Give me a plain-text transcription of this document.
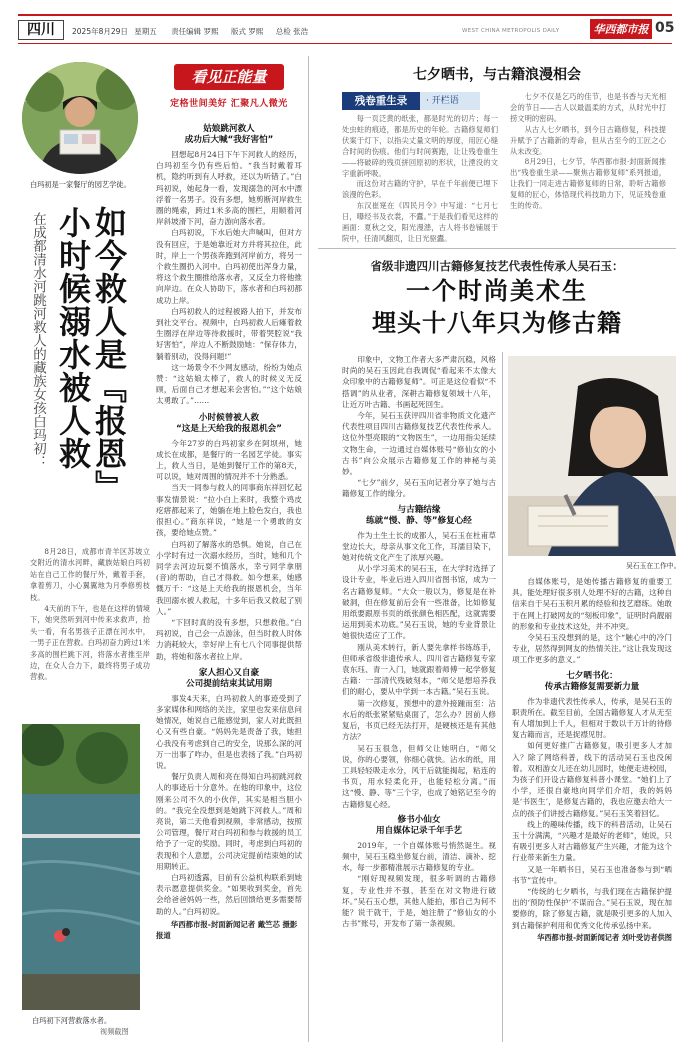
四川	2025年8月29日 星期五 责任编辑 罗熙 版式 罗熙 总检 张浩	WEST CHINA METROPOLIS DAILY	华西都市报 05
白玛初是一家餐厅的园艺学徒。
看见正能量
定格世间美好 汇聚凡人微光
如今救人是『报恩』
小时候溺水被人救
在成都清水河跳河救人的藏族女孩白玛初：

8月28日，成都市青羊区苏坡立交附近的清水河畔，藏族姑娘白玛初站在自己工作的餐厅外，戴着手套，拿着剪刀，小心翼翼地为月季修剪枝枝。

4天前的下午，也是在这样的情境下，她突然听到河中传来求救声，抬头一看，有名男孩子正漂在河水中，一男子正在营救。白玛初奋力跨过1米多高的围栏跳下河，将落水者推至岸边，在众人合力下，最终将男子成功营救。

白玛初下河营救落水者。
视频截图
姑娘跳河救人
成功后大喊“我好害怕”

回想起8月24日下午下河救人的经历，白玛初至今仍有些后怕。“我当时戴着耳机，隐约听到有人呼救，还以为听错了。”白玛初说，她起身一看，发现溺急的河水中漂浮着一名男子。没有多想，她剪断河岸救生圈的绳索，跨过1米多高的围栏，用顺着河岸斜坡滑下河，奋力游向落水者。

白玛初说，下水后她大声喊叫，但对方没有回应，于是她靠近对方并将其拉住，此时，岸上一个男孩奔跑到河岸前方，将另一个救生圈扔入河中。白玛初使出浑身力量，将这个救生圈推给落水者，又反全力将他推向岸边。在众人协助下，落水者和白玛初都成功上岸。

白玛初救人的过程被路人拍下，并发布到社交平台。视频中，白玛初救人后瘫着救生圈浮在岸边等待救援时，带着哭腔说“我好害怕”，岸边人不断鼓励她：“保存体力，躺着别动，没得问题!”

这一场景令不少网友感动，纷纷为她点赞：“这姑娘太棒了，救人的时候义无反顾，后面自己才想起来会害怕。”“这个姑娘太勇敢了。”……

小时候曾被人救
“这是上天给我的报恩机会”

今年27岁的白玛初家乡在阿坝州，她成长在成都，是餐厅的一名园艺学徒。事实上，救人当日，是她到餐厅工作的第8天，可以说，她对周围的情况并不十分熟悉。

当天一同参与救人的同事商东祥回忆起事发情景说：“拉小白上来时，我整个鸡皮疙瘩都起来了，她躺在地上脸色发白，我也很担心。”商东祥说，“她是一个勇敢的女孩，要给她点赞。”

白玛初了解落水的恐惧。她说，自己在小学时有过一次溺水经历，当时，她和几个同学去河边玩耍不慎落水，幸亏同学拿朋(音)的帮助，自己才得救。如今想来，她感慨万千：“这是上天给我的报恩机会，当年我回溺水被人救起，十多年后我又救起了别人。”

“下回时真的没有多想，只想救他。”白玛初说，自己会一点游泳，但当时救人时体力消耗较大，幸好岸上有七八个同事提供帮助，将她和落水者拉上岸。

家人担心又自豪
公司提前结束其试用期

事发4天来，白玛初救人的事迹受到了多家媒体和网络的关注，家里也发来信息问她情况，她说自己能感觉到，家人对此既担心又有些自豪。“妈妈先是责备了我，她担心我没有考虑到自己的安全，说那么深的河万一出事了咋办，但是也表扬了我。”白玛初说。

餐厅负责人周和亮在得知白玛初跳河救人的事迹后十分意外。在他的印象中，这位刚来公司不久的小伙伴，其实是相当胆小的。“我完全没想到是她跳下河救人。”周和亮说，第二天他看到视频，非常感动，按照公司管理，餐厅对白玛初和参与救援的员工给予了一定的奖励。同时，考虑到白玛初的表现和个人意愿，公司决定提前结束她的试用期转正。

白玛初透露，目前有公益机构联系到她表示愿意提供奖金。“如果收到奖金，首先会给爸爸妈妈一些，然后回馈给更多需要帮助的人。”白玛初说。

华西都市报-封面新闻记者 戴竺芯 摄影报道
七夕晒书，与古籍浪漫相会
残卷重生录	· 开栏语

每一页泛黄的纸张，都是时光的切片；每一处虫蛀的痕迹，都是历史的年轮。古籍修复师们伏案于灯下，以指尖丈量文明的厚度，用匠心缝合时间的伤痕。他们与时间赛跑，让让残卷重生——将破碎的残页拼回原初的形状，让湮没的文字重新呼吸。

而这份对古籍的守护，早在千年前便已埋下浪漫的色彩。

东汉崔寔在《四民月令》中写道：“七月七日，曝经书及衣裳，不蠹。”于是我们看见这样的画面：夏秋之交，阳光漫漶，古人将书卷铺展于院中，任清风翻页，让日光驱蠹。

七夕不仅是乞巧的佳节，也是书香与天光相会的节日——古人以最温柔的方式，从时光中打捞文明的密码。

从古人七夕晒书，到今日古籍修复，科技提升赋予了古籍新的寿命，但从古至今的工匠之心从未改变。

8月29日，七夕节，华西都市报·封面新闻推出“残卷重生录——聚焦古籍修复师”系列报道，让我们一同走进古籍修复师的日常，聆听古籍修复师的匠心，体悟现代科技助力下，见证残卷重生的传奇。

省级非遗四川古籍修复技艺代表性传承人吴石玉：
一个时尚美术生
埋头十八年只为修古籍

印象中，文物工作者大多严肃沉稳，风格时尚的吴石玉因此自我调侃“看起来不太像大众印象中的古籍修复师”。可正是这位看似“不搭调”的从业者，深耕古籍修复领域十八年，让近万叶古籍、书画起死回生。

今年，吴石玉获评四川省非物质文化遗产代表性项目四川古籍修复技艺代表性传承人。这位外型亮眼的“文物医生”，一边用指尖延续文物生命，一边通过自媒体账号“修仙女的小古书”向公众展示古籍修复工作的神秘与美妙。

“七夕”前夕，吴石玉向记者分享了她与古籍修复工作的缘分。

与古籍结缘
练就“慢、静、等”修复心经

作为土生土长的成都人，吴石玉在杜甫草堂边长大，母亲从事文化工作，耳濡目染下，她对传统文化产生了浓厚兴趣。

从小学习美术的吴石玉，在大学时选择了设计专业，毕业后进入四川省图书馆，成为一名古籍修复师。“大众一般以为，修复是在补破洞，但在修复前后会有一些准备，比如修复用纸要跟原书页的纸张颜色相匹配，这就需要运用到美术功底。”吴石玉说，她的专业背景让她很快适应了工作。

刚从美术转行，新人要先拿样书练练手，但师承省级非遗传承人、四川省古籍修复专家袁东珏、青一入门，她就跟着师傅一起学修复古籍：一部清代残破刻本，“师父是想培养我们的耐心，要从中学到一本古籍。”吴石玉说。

第一次修复，预想中的意外接踵而至：沾水后的纸张紧紧贴桌面了，怎么办？因前人修复后，书页已经无法打开，是硬核还是有其他方法？

吴石玉很急，但师父让她明白，“师父说，你的心要领，你细心就快。沾水的纸，用工具轻轻吸走水分，风干后就能揭起，粘连的书页，用水轻柔化开，也能轻松分离。”而这“慢、静、等”三个字，也成了她铭记至今的古籍修复心经。

修书小仙女
用自媒体记录千年手艺

2019年，一个自媒体账号悄然诞生。视频中，吴石玉稳坐修复台前，清洁、滴补、挖水，每一步都精准展示古籍修复的专业。

“刚好现视频发现，很多听调的古籍修复，专业性并不强，甚至在对文物进行破坏。”吴石玉心想，其他人能拍，那自己为何不能？说干就干，于是，她注册了“修仙女的小古书”账号，开发布了第一条视频。

吴石玉在工作中。

自媒体账号，是她传播古籍修复的重要工具。能处理好很多别人处理不好的古籍，这种自信来自于吴石玉积月累的经验和技艺磨练。她敢于在网上打破网友的“刻板印象”，证明时尚靓丽的形象和专业技术这处，并不冲突。

令吴石玉没想到的是，这个“触心中的冷门专业，居然得到网友的热情关注。”这让我发现这项工作更多的意义。”

七夕晒书化：
传承古籍修复需要新力量

作为非遗代表性传承人，传承，是吴石玉的职责所在。截至目前，全国古籍修复人才从无至有人增加到上千人，但相对于数以千万计的待修复古籍而言，还是捉襟见肘。

如何更好推广古籍修复，吸引更多人才加入？除了网络科普，线下的活动吴石玉也没闲着。双相游女儿还在幼儿园时，她便走进校园，为孩子们开设古籍修复科普小课堂。“她们上了小学，还很自豪地向同学们介绍，我的妈妈是‘书医生’，是修复古籍的，我也应邀去给大一点的孩子们讲授古籍修复。”吴石玉笑着回忆。

线上的趣味传播，线下的科普活动，让吴石玉十分满满，“兴趣才是最好的老师”，她说，只有吸引更多人对古籍修复产生兴趣，才能为这个行业带来新生力量。

又是一年晒书日，吴石玉也准备参与到“晒书节”宣传中。

“传统的七夕晒书，与我们现在古籍保护提出的‘预防性保护’不谋而合。”吴石玉说，现在加要修的，除了修复古籍，就是吸引更多的人加入到古籍保护利用和优秀文化传承弘扬中来。

华西都市报-封面新闻记者 刘叶受访者供图
